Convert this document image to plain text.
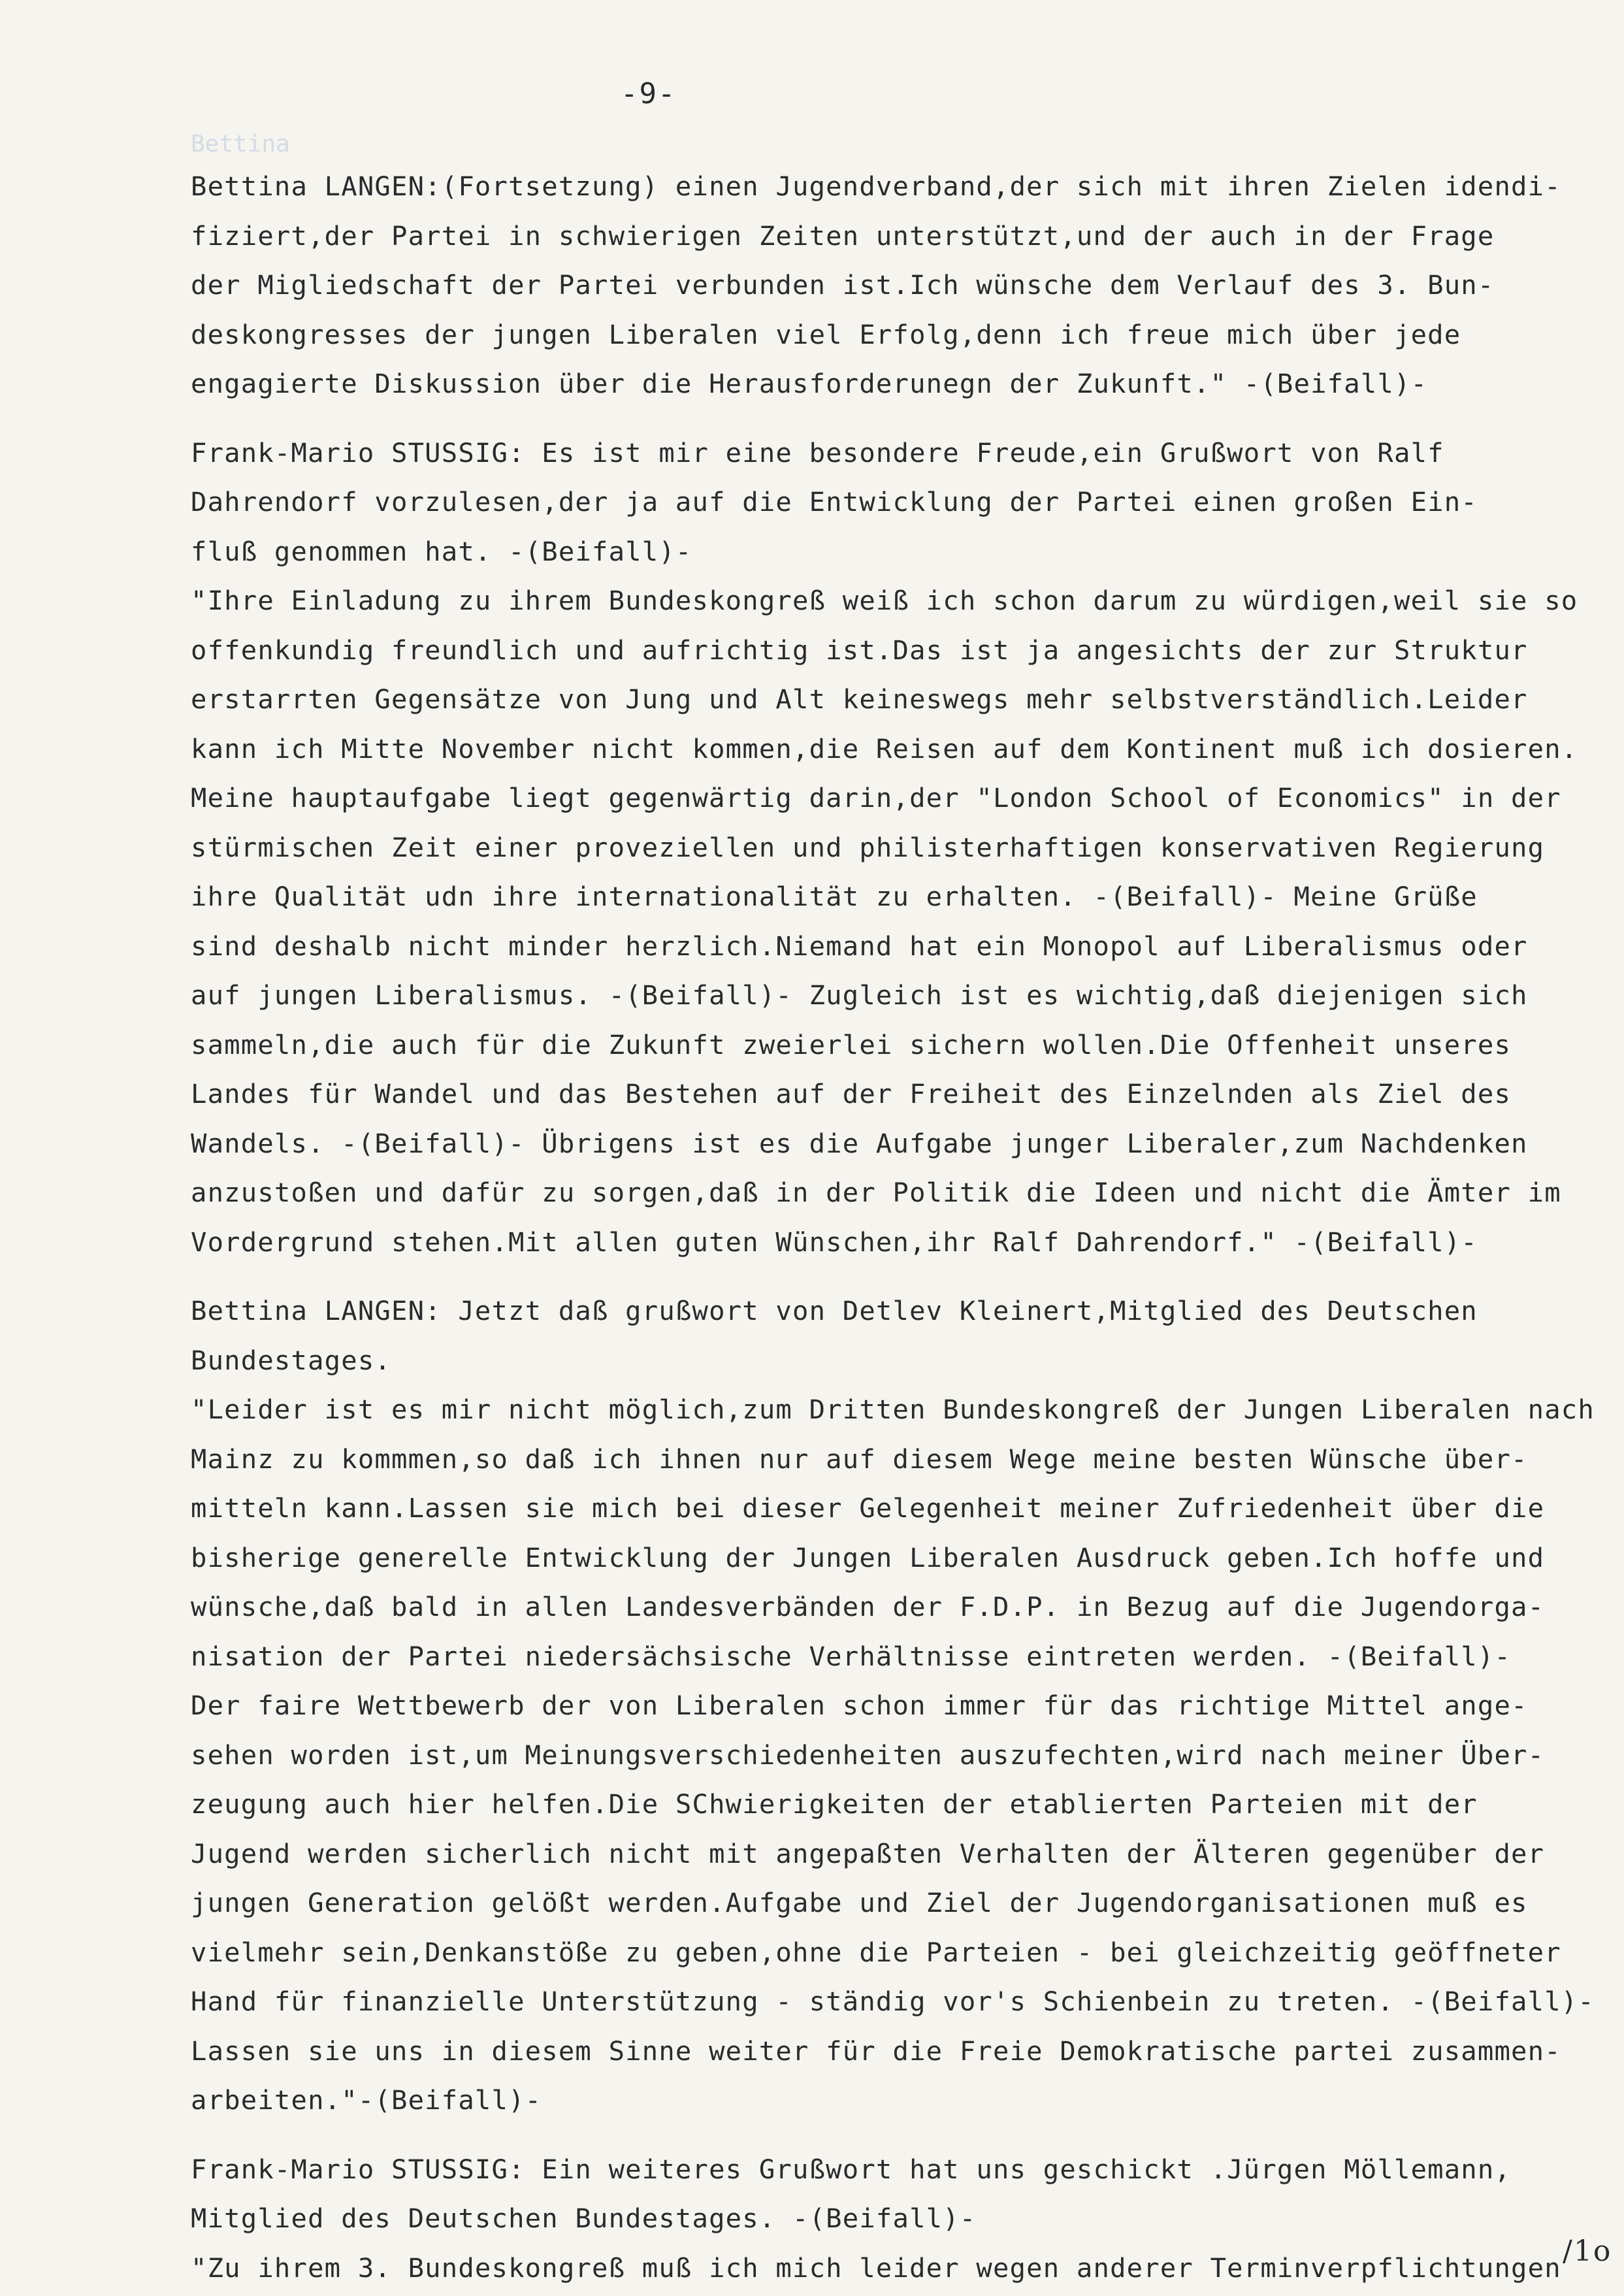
-9-
Bettina
Bettina LANGEN:(Fortsetzung) einen Jugendverband,der sich mit ihren Zielen idendi-
fiziert,der Partei in schwierigen Zeiten unterstützt,und der auch in der Frage
der Migliedschaft der Partei verbunden ist.Ich wünsche dem Verlauf des 3. Bun-
deskongresses der jungen Liberalen viel Erfolg,denn ich freue mich über jede
engagierte Diskussion über die Herausforderunegn der Zukunft." -(Beifall)-
Frank-Mario STUSSIG: Es ist mir eine besondere Freude,ein Grußwort von Ralf
Dahrendorf vorzulesen,der ja auf die Entwicklung der Partei einen großen Ein-
fluß genommen hat. -(Beifall)-
"Ihre Einladung zu ihrem Bundeskongreß weiß ich schon darum zu würdigen,weil sie so
offenkundig freundlich und aufrichtig ist.Das ist ja angesichts der zur Struktur
erstarrten Gegensätze von Jung und Alt keineswegs mehr selbstverständlich.Leider
kann ich Mitte November nicht kommen,die Reisen auf dem Kontinent muß ich dosieren.
Meine hauptaufgabe liegt gegenwärtig darin,der "London School of Economics" in der
stürmischen Zeit einer proveziellen und philisterhaftigen konservativen Regierung
ihre Qualität udn ihre internationalität zu erhalten. -(Beifall)- Meine Grüße
sind deshalb nicht minder herzlich.Niemand hat ein Monopol auf Liberalismus oder
auf jungen Liberalismus. -(Beifall)- Zugleich ist es wichtig,daß diejenigen sich
sammeln,die auch für die Zukunft zweierlei sichern wollen.Die Offenheit unseres
Landes für Wandel und das Bestehen auf der Freiheit des Einzelnden als Ziel des
Wandels. -(Beifall)- Übrigens ist es die Aufgabe junger Liberaler,zum Nachdenken
anzustoßen und dafür zu sorgen,daß in der Politik die Ideen und nicht die Ämter im
Vordergrund stehen.Mit allen guten Wünschen,ihr Ralf Dahrendorf." -(Beifall)-
Bettina LANGEN: Jetzt daß grußwort von Detlev Kleinert,Mitglied des Deutschen
Bundestages.
"Leider ist es mir nicht möglich,zum Dritten Bundeskongreß der Jungen Liberalen nach
Mainz zu kommmen,so daß ich ihnen nur auf diesem Wege meine besten Wünsche über-
mitteln kann.Lassen sie mich bei dieser Gelegenheit meiner Zufriedenheit über die
bisherige generelle Entwicklung der Jungen Liberalen Ausdruck geben.Ich hoffe und
wünsche,daß bald in allen Landesverbänden der F.D.P. in Bezug auf die Jugendorga-
nisation der Partei niedersächsische Verhältnisse eintreten werden. -(Beifall)-
Der faire Wettbewerb der von Liberalen schon immer für das richtige Mittel ange-
sehen worden ist,um Meinungsverschiedenheiten auszufechten,wird nach meiner Über-
zeugung auch hier helfen.Die SChwierigkeiten der etablierten Parteien mit der
Jugend werden sicherlich nicht mit angepaßten Verhalten der Älteren gegenüber der
jungen Generation gelößt werden.Aufgabe und Ziel der Jugendorganisationen muß es
vielmehr sein,Denkanstöße zu geben,ohne die Parteien - bei gleichzeitig geöffneter
Hand für finanzielle Unterstützung - ständig vor's Schienbein zu treten. -(Beifall)-
Lassen sie uns in diesem Sinne weiter für die Freie Demokratische partei zusammen-
arbeiten."-(Beifall)-
Frank-Mario STUSSIG: Ein weiteres Grußwort hat uns geschickt .Jürgen Möllemann,
Mitglied des Deutschen Bundestages. -(Beifall)-
"Zu ihrem 3. Bundeskongreß muß ich mich leider wegen anderer Terminverpflichtungen /1o
